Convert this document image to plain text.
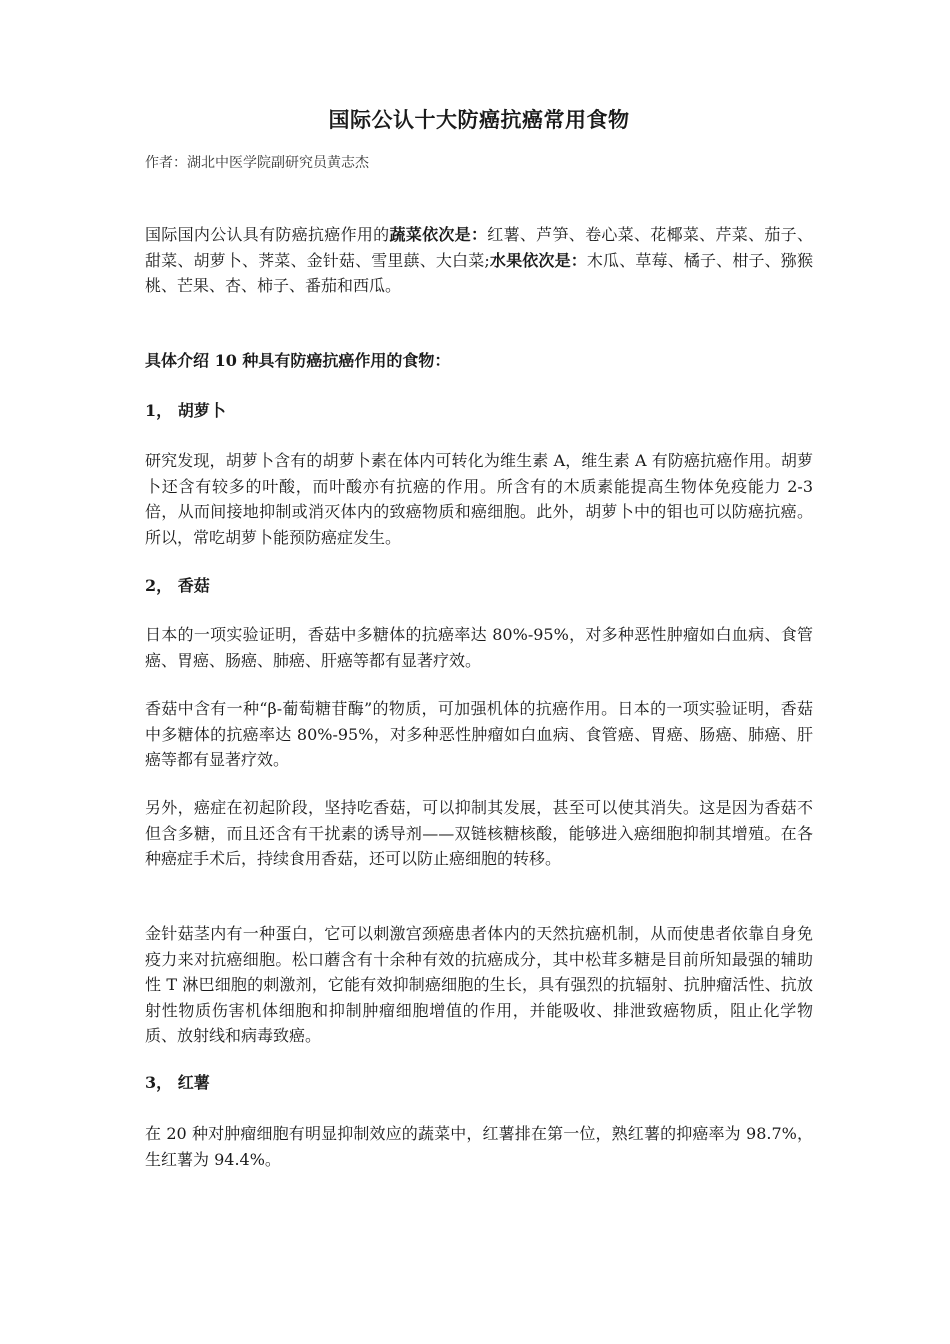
国际公认十大防癌抗癌常用食物

作者：湖北中医学院副研究员黄志杰

国际国内公认具有防癌抗癌作用的蔬菜依次是：红薯、芦笋、卷心菜、花椰菜、芹菜、茄子、甜菜、胡萝卜、荠菜、金针菇、雪里蕻、大白菜;水果依次是：木瓜、草莓、橘子、柑子、猕猴桃、芒果、杏、柿子、番茄和西瓜。

具体介绍 10 种具有防癌抗癌作用的食物：

1， 胡萝卜

研究发现，胡萝卜含有的胡萝卜素在体内可转化为维生素 A，维生素 A 有防癌抗癌作用。胡萝卜还含有较多的叶酸，而叶酸亦有抗癌的作用。所含有的木质素能提高生物体免疫能力 2-3 倍，从而间接地抑制或消灭体内的致癌物质和癌细胞。此外，胡萝卜中的钼也可以防癌抗癌。所以，常吃胡萝卜能预防癌症发生。

2， 香菇

日本的一项实验证明，香菇中多糖体的抗癌率达 80%-95%，对多种恶性肿瘤如白血病、食管癌、胃癌、肠癌、肺癌、肝癌等都有显著疗效。

香菇中含有一种“β-葡萄糖苷酶”的物质，可加强机体的抗癌作用。日本的一项实验证明，香菇中多糖体的抗癌率达 80%-95%，对多种恶性肿瘤如白血病、食管癌、胃癌、肠癌、肺癌、肝癌等都有显著疗效。

另外，癌症在初起阶段，坚持吃香菇，可以抑制其发展，甚至可以使其消失。这是因为香菇不但含多糖，而且还含有干扰素的诱导剂——双链核糖核酸，能够进入癌细胞抑制其增殖。在各种癌症手术后，持续食用香菇，还可以防止癌细胞的转移。

金针菇茎内有一种蛋白，它可以刺激宫颈癌患者体内的天然抗癌机制，从而使患者依靠自身免疫力来对抗癌细胞。松口蘑含有十余种有效的抗癌成分，其中松茸多糖是目前所知最强的辅助性 T 淋巴细胞的刺激剂，它能有效抑制癌细胞的生长，具有强烈的抗辐射、抗肿瘤活性、抗放射性物质伤害机体细胞和抑制肿瘤细胞增值的作用，并能吸收、排泄致癌物质，阻止化学物质、放射线和病毒致癌。

3， 红薯

在 20 种对肿瘤细胞有明显抑制效应的蔬菜中，红薯排在第一位，熟红薯的抑癌率为 98.7%，生红薯为 94.4%。
